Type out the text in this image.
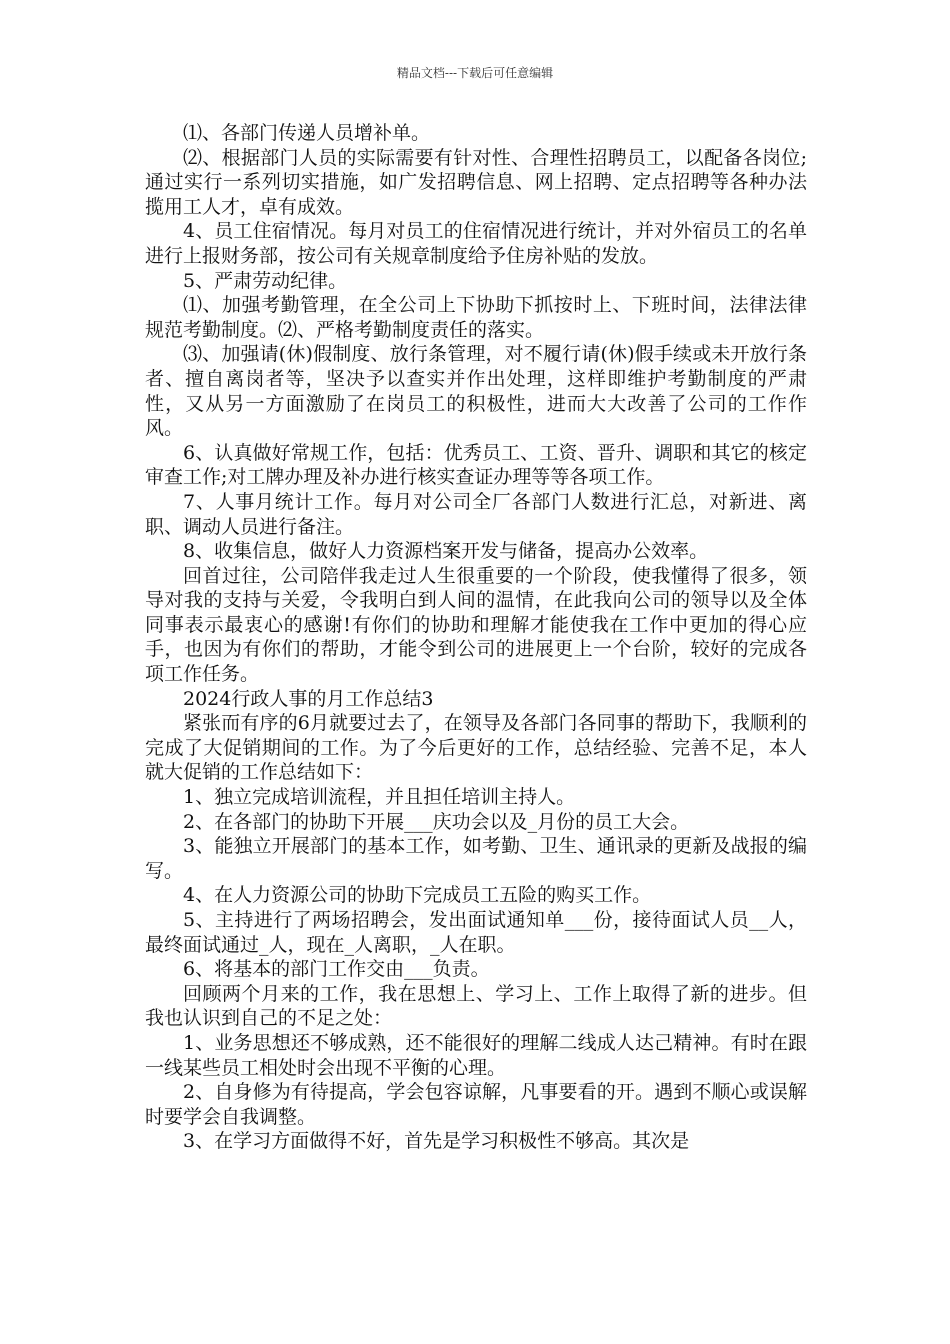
精品文档---下载后可任意编辑

⑴、各部门传递人员增补单。

⑵、根据部门人员的实际需要有针对性、合理性招聘员工，以配备各岗位;通过实行一系列切实措施，如广发招聘信息、网上招聘、定点招聘等各种办法揽用工人才，卓有成效。

4、员工住宿情况。每月对员工的住宿情况进行统计，并对外宿员工的名单进行上报财务部，按公司有关规章制度给予住房补贴的发放。

5、严肃劳动纪律。

⑴、加强考勤管理，在全公司上下协助下抓按时上、下班时间，法律法律规范考勤制度。⑵、严格考勤制度责任的落实。

⑶、加强请(休)假制度、放行条管理，对不履行请(休)假手续或未开放行条者、擅自离岗者等，坚决予以查实并作出处理，这样即维护考勤制度的严肃性，又从另一方面激励了在岗员工的积极性，进而大大改善了公司的工作作风。

6、认真做好常规工作，包括：优秀员工、工资、晋升、调职和其它的核定审查工作;对工牌办理及补办进行核实查证办理等等各项工作。

7、人事月统计工作。每月对公司全厂各部门人数进行汇总，对新进、离职、调动人员进行备注。

8、收集信息，做好人力资源档案开发与储备，提高办公效率。

回首过往，公司陪伴我走过人生很重要的一个阶段，使我懂得了很多，领导对我的支持与关爱，令我明白到人间的温情，在此我向公司的领导以及全体同事表示最衷心的感谢!有你们的协助和理解才能使我在工作中更加的得心应手，也因为有你们的帮助，才能令到公司的进展更上一个台阶，较好的完成各项工作任务。

2024行政人事的月工作总结3

紧张而有序的6月就要过去了，在领导及各部门各同事的帮助下，我顺利的完成了大促销期间的工作。为了今后更好的工作，总结经验、完善不足，本人就大促销的工作总结如下：

1、独立完成培训流程，并且担任培训主持人。

2、在各部门的协助下开展___庆功会以及_月份的员工大会。

3、能独立开展部门的基本工作，如考勤、卫生、通讯录的更新及战报的编写。

4、在人力资源公司的协助下完成员工五险的购买工作。

5、主持进行了两场招聘会，发出面试通知单___份，接待面试人员__人，最终面试通过_人，现在_人离职，_人在职。

6、将基本的部门工作交由___负责。

回顾两个月来的工作，我在思想上、学习上、工作上取得了新的进步。但我也认识到自己的不足之处：

1、业务思想还不够成熟，还不能很好的理解二线成人达己精神。有时在跟一线某些员工相处时会出现不平衡的心理。

2、自身修为有待提高，学会包容谅解，凡事要看的开。遇到不顺心或误解时要学会自我调整。

3、在学习方面做得不好，首先是学习积极性不够高。其次是
